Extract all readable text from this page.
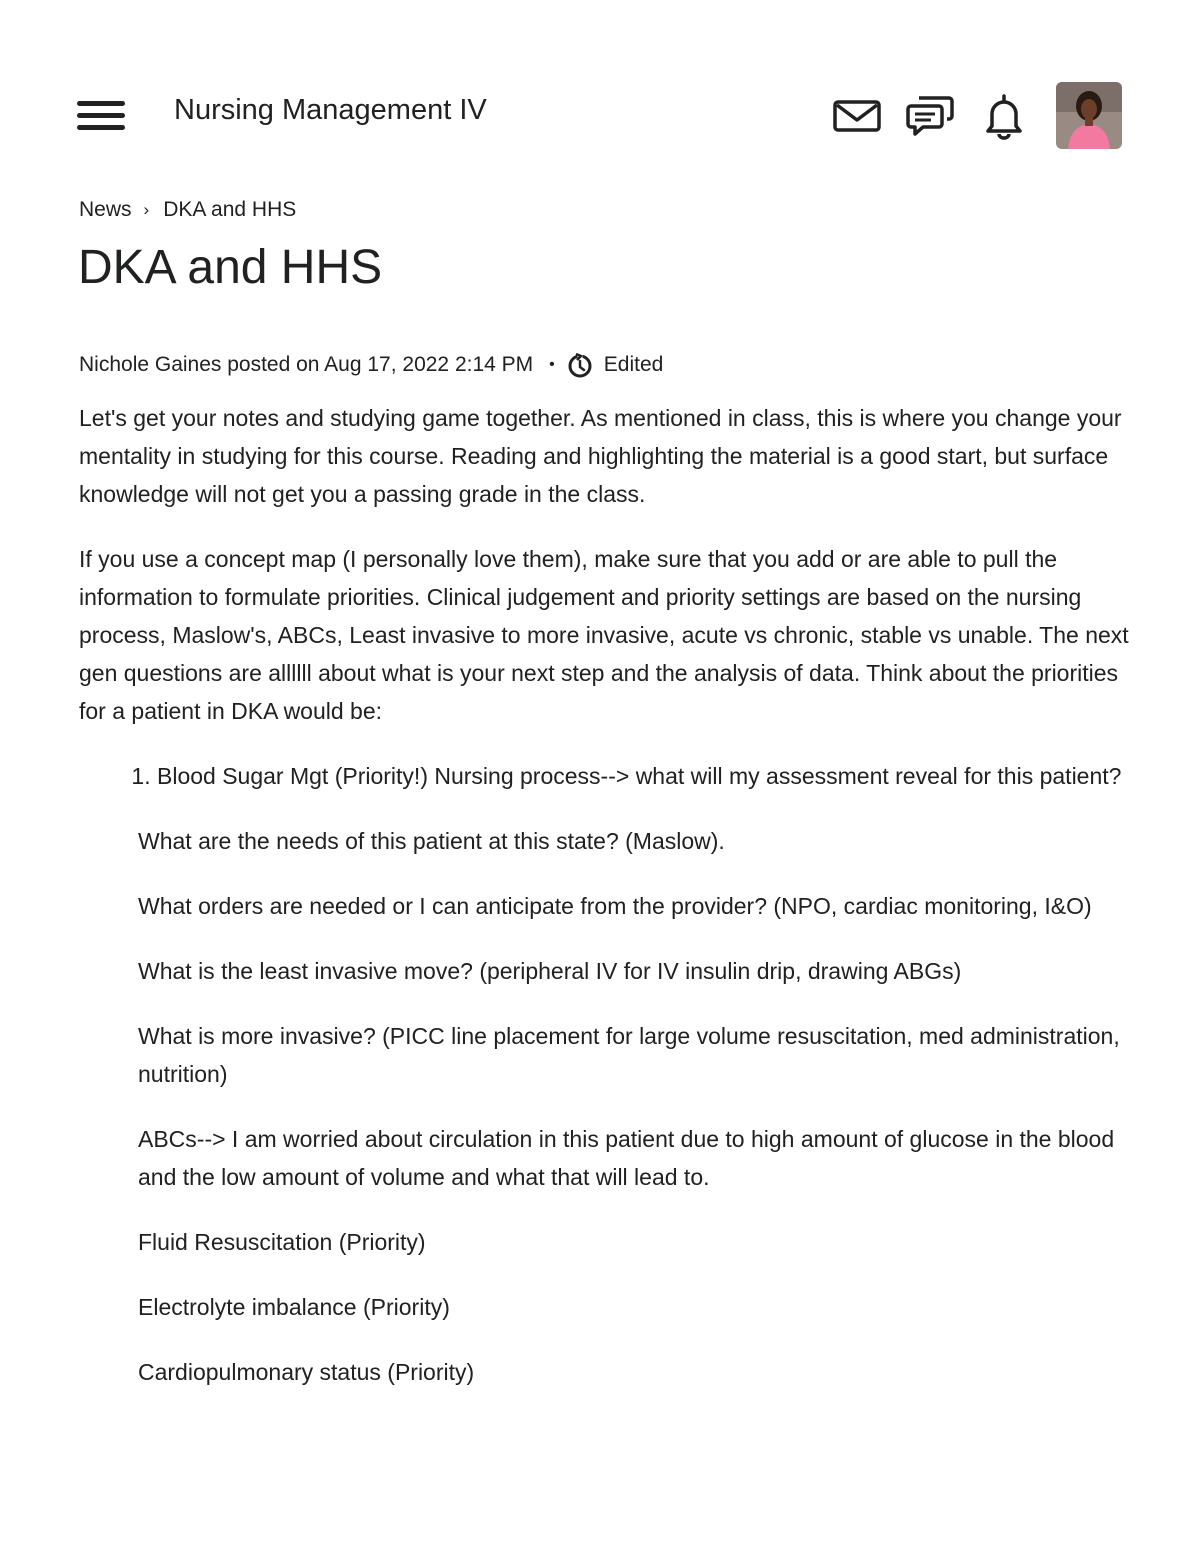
Nursing Management IV
News › DKA and HHS
DKA and HHS
Nichole Gaines posted on Aug 17, 2022 2:14 PM • Edited

Let's get your notes and studying game together. As mentioned in class, this is where you change your mentality in studying for this course. Reading and highlighting the material is a good start, but surface knowledge will not get you a passing grade in the class.

If you use a concept map (I personally love them), make sure that you add or are able to pull the information to formulate priorities. Clinical judgement and priority settings are based on the nursing process, Maslow's, ABCs, Least invasive to more invasive, acute vs chronic, stable vs unable. The next gen questions are allllll about what is your next step and the analysis of data. Think about the priorities for a patient in DKA would be:

1. Blood Sugar Mgt (Priority!) Nursing process--> what will my assessment reveal for this patient?

What are the needs of this patient at this state? (Maslow).

What orders are needed or I can anticipate from the provider? (NPO, cardiac monitoring, I&O)

What is the least invasive move? (peripheral IV for IV insulin drip, drawing ABGs)

What is more invasive? (PICC line placement for large volume resuscitation, med administration, nutrition)

ABCs--> I am worried about circulation in this patient due to high amount of glucose in the blood and the low amount of volume and what that will lead to.

Fluid Resuscitation (Priority)

Electrolyte imbalance (Priority)

Cardiopulmonary status (Priority)
